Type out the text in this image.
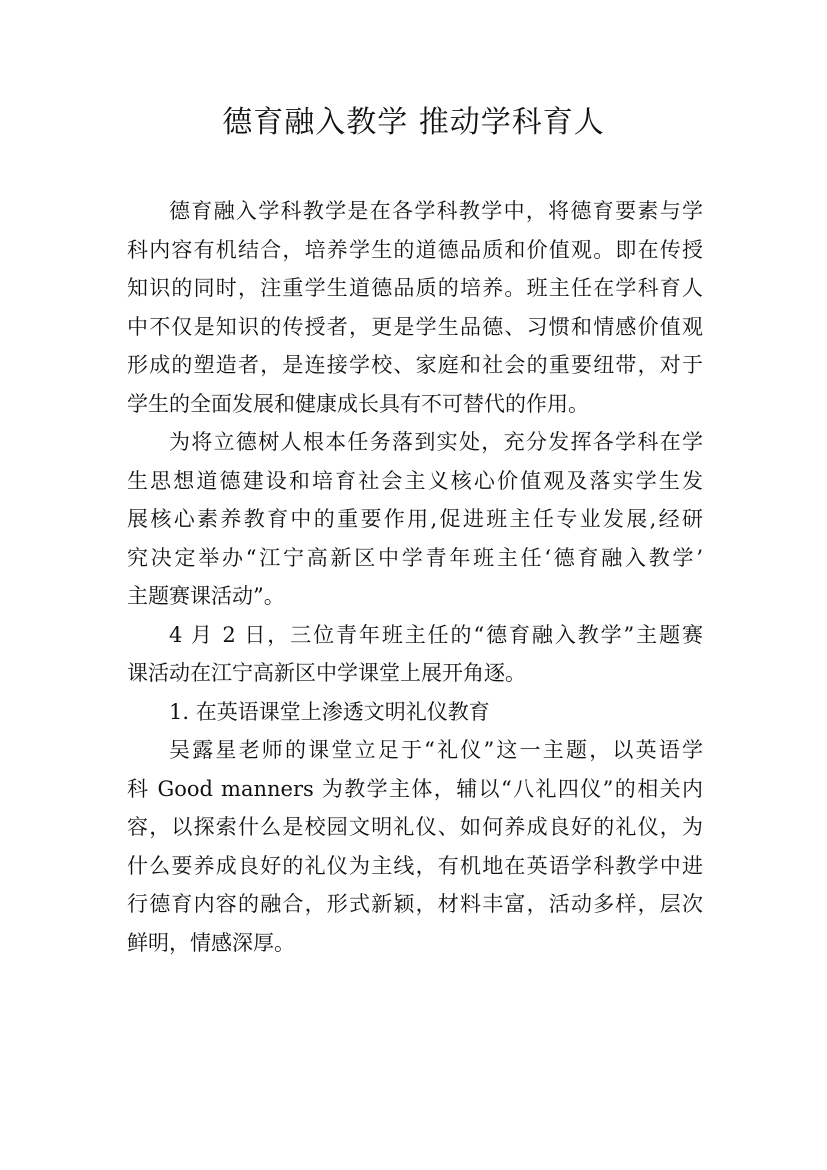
德育融入教学 推动学科育人
德育融入学科教学是在各学科教学中，将德育要素与学
科内容有机结合，培养学生的道德品质和价值观。即在传授
知识的同时，注重学生道德品质的培养。班主任在学科育人
中不仅是知识的传授者，更是学生品德、习惯和情感价值观
形成的塑造者，是连接学校、家庭和社会的重要纽带，对于
学生的全面发展和健康成长具有不可替代的作用。
为将立德树人根本任务落到实处，充分发挥各学科在学
生思想道德建设和培育社会主义核心价值观及落实学生发
展核心素养教育中的重要作用,促进班主任专业发展,经研
究决定举办“江宁高新区中学青年班主任‘德育融入教学’
主题赛课活动”。
4 月 2 日，三位青年班主任的“德育融入教学”主题赛
课活动在江宁高新区中学课堂上展开角逐。
1. 在英语课堂上渗透文明礼仪教育
吴露星老师的课堂立足于“礼仪”这一主题，以英语学
科 Good manners 为教学主体，辅以“八礼四仪”的相关内
容，以探索什么是校园文明礼仪、如何养成良好的礼仪，为
什么要养成良好的礼仪为主线，有机地在英语学科教学中进
行德育内容的融合，形式新颖，材料丰富，活动多样，层次
鲜明，情感深厚。
